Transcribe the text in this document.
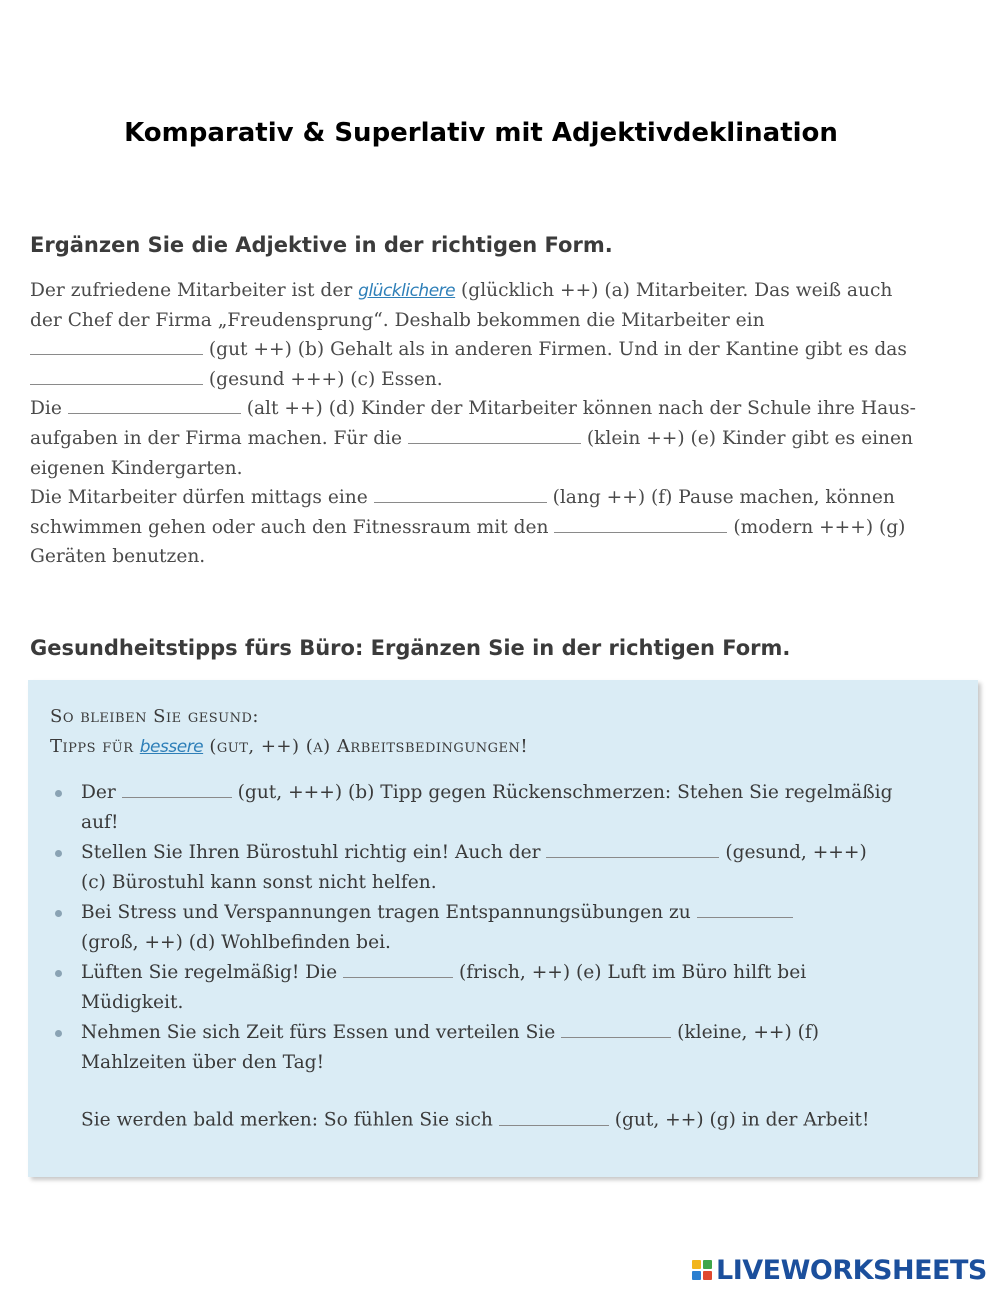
Komparativ & Superlativ mit Adjektivdeklination
Ergänzen Sie die Adjektive in der richtigen Form.
Der zufriedene Mitarbeiter ist der glücklichere (glücklich ++) (a) Mitarbeiter. Das weiß auch
der Chef der Firma „Freudensprung“. Deshalb bekommen die Mitarbeiter ein
(gut ++) (b) Gehalt als in anderen Firmen. Und in der Kantine gibt es das
(gesund +++) (c) Essen.
Die	(alt ++) (d) Kinder der Mitarbeiter können nach der Schule ihre Haus-
aufgaben in der Firma machen. Für die	(klein ++) (e) Kinder gibt es einen
eigenen Kindergarten.
Die Mitarbeiter dürfen mittags eine	(lang ++) (f) Pause machen, können
schwimmen gehen oder auch den Fitnessraum mit den	(modern +++) (g)
Geräten benutzen.
Gesundheitstipps fürs Büro: Ergänzen Sie in der richtigen Form.
So bleiben Sie gesund:
Tipps für bessere (gut, ++) (a) Arbeitsbedingungen!
Der	(gut, +++) (b) Tipp gegen Rückenschmerzen: Stehen Sie regelmäßig
auf!
Stellen Sie Ihren Bürostuhl richtig ein! Auch der	(gesund, +++)
(c) Bürostuhl kann sonst nicht helfen.
Bei Stress und Verspannungen tragen Entspannungsübungen zu
(groß, ++) (d) Wohlbefinden bei.
Lüften Sie regelmäßig! Die	(frisch, ++) (e) Luft im Büro hilft bei
Müdigkeit.
Nehmen Sie sich Zeit fürs Essen und verteilen Sie	(kleine, ++) (f)
Mahlzeiten über den Tag!
Sie werden bald merken: So fühlen Sie sich	(gut, ++) (g) in der Arbeit!
LIVEWORKSHEETS
